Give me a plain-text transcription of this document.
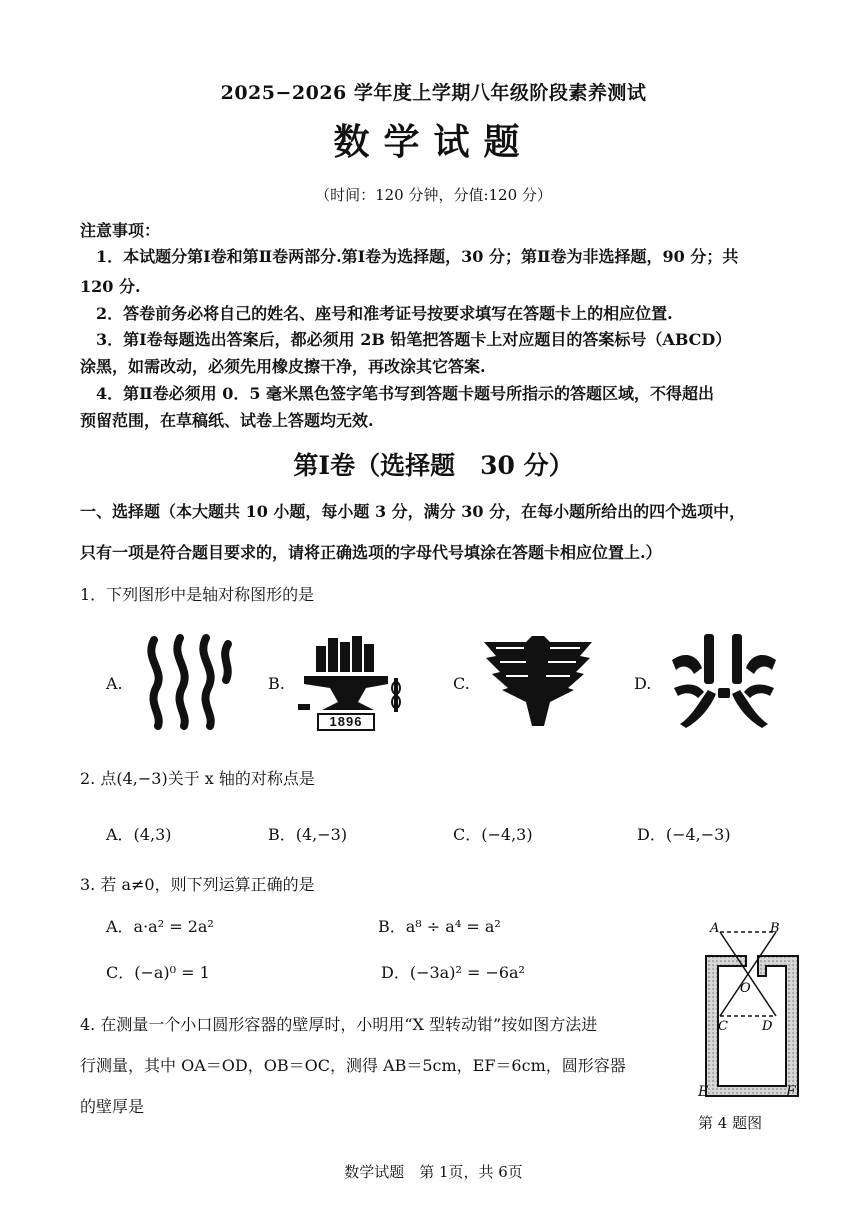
2025−2026 学年度上学期八年级阶段素养测试
数学试题
（时间：120 分钟，分值:120 分）
注意事项：
1．本试题分第Ⅰ卷和第Ⅱ卷两部分.第Ⅰ卷为选择题，30 分；第Ⅱ卷为非选择题，90 分；共
120 分.
2．答卷前务必将自己的姓名、座号和准考证号按要求填写在答题卡上的相应位置.
3．第Ⅰ卷每题选出答案后，都必须用 2B 铅笔把答题卡上对应题目的答案标号（ABCD）
涂黑，如需改动，必须先用橡皮擦干净，再改涂其它答案.
4．第Ⅱ卷必须用 0．5 毫米黑色签字笔书写到答题卡题号所指示的答题区域，不得超出
预留范围，在草稿纸、试卷上答题均无效.
第Ⅰ卷（选择题　30 分）
一、选择题（本大题共 10 小题，每小题 3 分，满分 30 分，在每小题所给出的四个选项中，
只有一项是符合题目要求的，请将正确选项的字母代号填涂在答题卡相应位置上.）
1．下列图形中是轴对称图形的是
A.	B.
1896
C.	D.
2. 点(4,−3)关于 x 轴的对称点是
A．(4,3)	B．(4,−3)	C．(−4,3)	D．(−4,−3)
3. 若 a≠0，则下列运算正确的是
A．a·a² = 2a²	B．a⁸ ÷ a⁴ = a²
C．(−a)⁰ = 1	D．(−3a)² = −6a²
4. 在测量一个小口圆形容器的壁厚时，小明用“X 型转动钳”按如图方法进
行测量，其中 OA＝OD，OB＝OC，测得 AB＝5cm，EF＝6cm，圆形容器
的壁厚是
A	B
O
C	D
E	F
第 4 题图
数学试题　第 1页，共 6页
